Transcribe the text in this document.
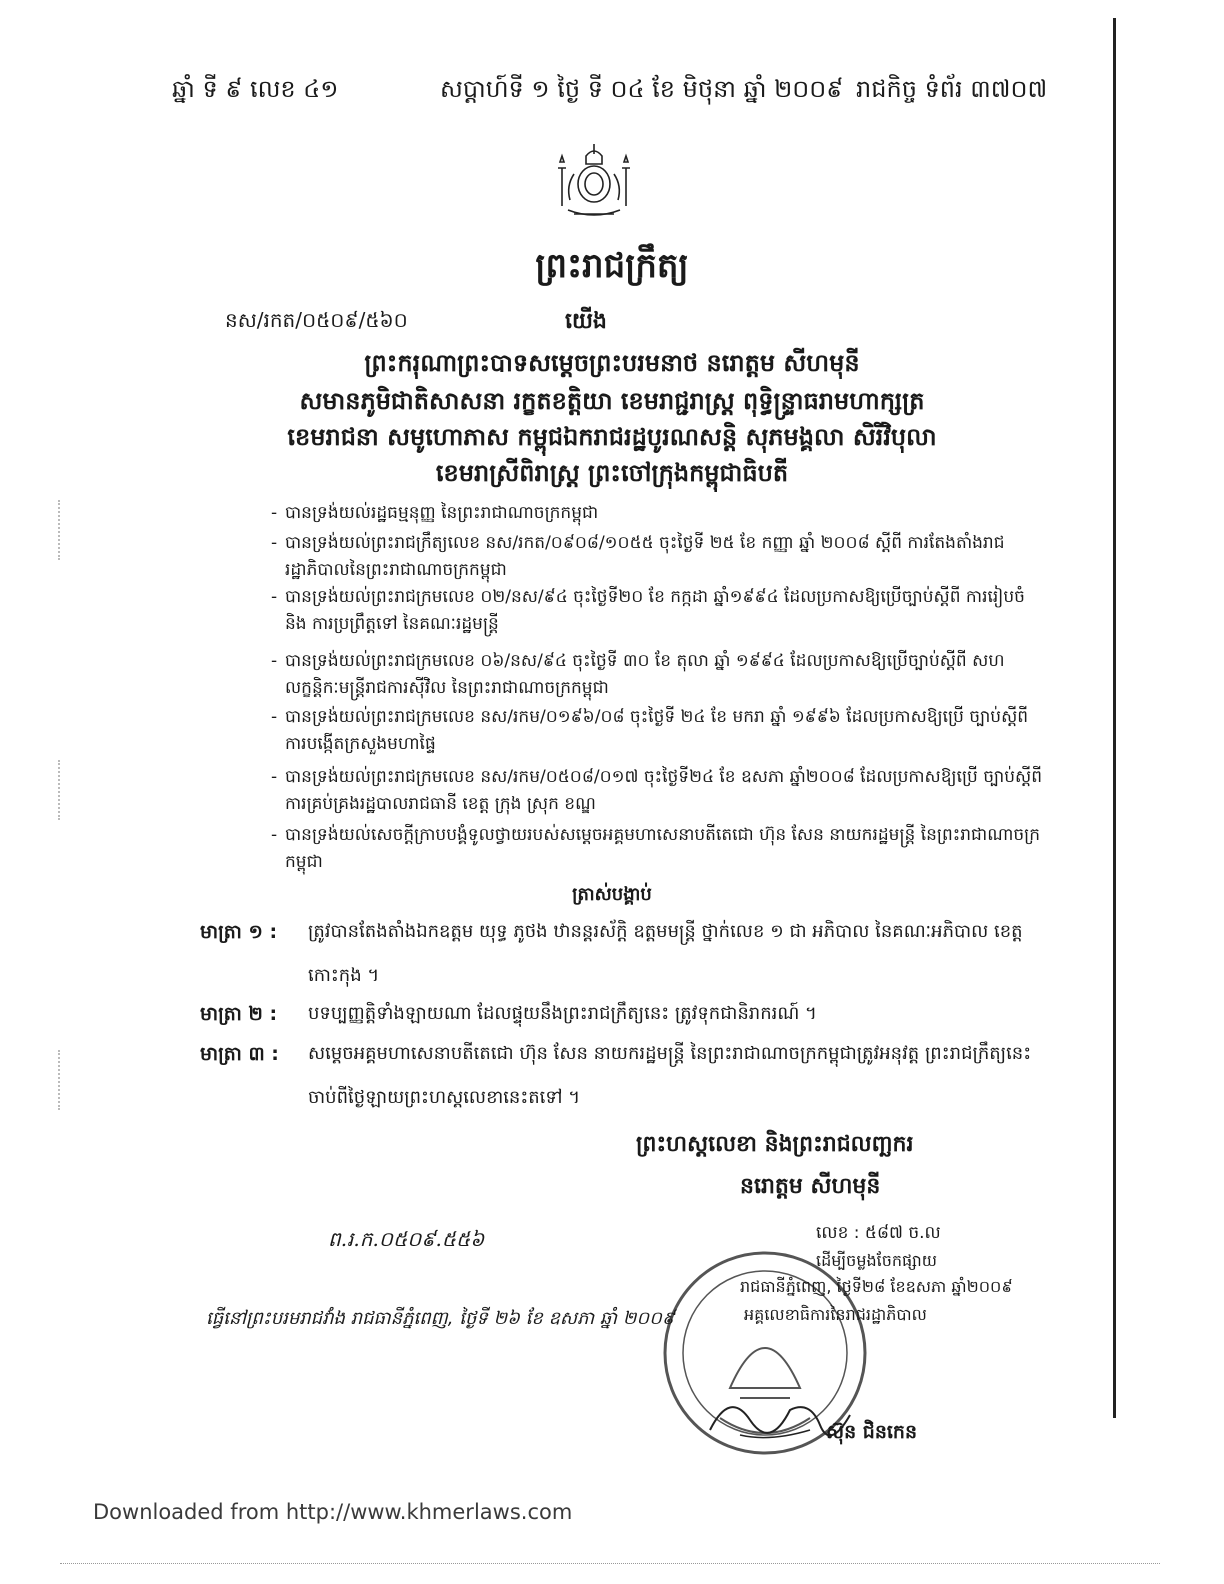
ឆ្នាំ ទី ៩ លេខ ៤១	សប្តាហ៍ទី ១ ថ្ងៃ ទី ០៤ ខែ មិថុនា ឆ្នាំ ២០០៩ រាជកិច្ច ទំព័រ ៣៧០៧
ព្រះរាជក្រឹត្យ
នស/រកត/០៥០៩/៥៦០	យើង
ព្រះករុណាព្រះបាទសម្តេចព្រះបរមនាថ នរោត្តម សីហមុនី
សមានភូមិជាតិសាសនា រក្ខតខត្តិយា ខេមរាជ្ជរាស្ត្រ ពុទ្ធិន្ទ្រាធរាមហាក្សត្រ
ខេមរាជនា សមូហោភាស កម្ពុជឯករាជរដ្ឋបូរណសន្តិ សុភមង្គលា សិរីវិបុលា
ខេមរាស្រីពិរាស្ត្រ ព្រះចៅក្រុងកម្ពុជាធិបតី
- បានទ្រង់យល់រដ្ឋធម្មនុញ្ញ នៃព្រះរាជាណាចក្រកម្ពុជា
- បានទ្រង់យល់ព្រះរាជក្រឹត្យលេខ នស/រកត/០៩០៨/១០៥៥ ចុះថ្ងៃទី ២៥ ខែ កញ្ញា ឆ្នាំ ២០០៨ ស្តីពី ការតែងតាំងរាជរដ្ឋាភិបាលនៃព្រះរាជាណាចក្រកម្ពុជា
- បានទ្រង់យល់ព្រះរាជក្រមលេខ ០២/នស/៩៤ ចុះថ្ងៃទី២០ ខែ កក្កដា ឆ្នាំ១៩៩៤ ដែលប្រកាសឱ្យប្រើច្បាប់ស្តីពី ការរៀបចំ និង ការប្រព្រឹត្តទៅ នៃគណៈរដ្ឋមន្ត្រី
- បានទ្រង់យល់ព្រះរាជក្រមលេខ ០៦/នស/៩៤ ចុះថ្ងៃទី ៣០ ខែ តុលា ឆ្នាំ ១៩៩៤ ដែលប្រកាសឱ្យប្រើច្បាប់ស្តីពី សហលក្ខន្តិកៈមន្ត្រីរាជការស៊ីវិល នៃព្រះរាជាណាចក្រកម្ពុជា
- បានទ្រង់យល់ព្រះរាជក្រមលេខ នស/រកម/០១៩៦/០៨ ចុះថ្ងៃទី ២៤ ខែ មករា ឆ្នាំ ១៩៩៦ ដែលប្រកាសឱ្យប្រើ ច្បាប់ស្តីពីការបង្កើតក្រសួងមហាផ្ទៃ
- បានទ្រង់យល់ព្រះរាជក្រមលេខ នស/រកម/០៥០៨/០១៧ ចុះថ្ងៃទី២៤ ខែ ឧសភា ឆ្នាំ២០០៨ ដែលប្រកាសឱ្យប្រើ ច្បាប់ស្តីពីការគ្រប់គ្រងរដ្ឋបាលរាជធានី ខេត្ត ក្រុង ស្រុក ខណ្ឌ
- បានទ្រង់យល់សេចក្តីក្រាបបង្គំទូលថ្វាយរបស់សម្តេចអគ្គមហាសេនាបតីតេជោ ហ៊ុន សែន នាយករដ្ឋមន្ត្រី នៃព្រះរាជាណាចក្រកម្ពុជា
ត្រាស់បង្គាប់
មាត្រា ១ : ត្រូវបានតែងតាំងឯកឧត្តម យុទ្ធ ភូថង ឋានន្តរស័ក្តិ ឧត្តមមន្ត្រី ថ្នាក់លេខ ១ ជា អភិបាល នៃគណៈអភិបាល ខេត្តកោះកុង ។
មាត្រា ២ : បទប្បញ្ញត្តិទាំងឡាយណា ដែលផ្ទុយនឹងព្រះរាជក្រឹត្យនេះ ត្រូវទុកជានិរាករណ៍ ។
មាត្រា ៣ : សម្តេចអគ្គមហាសេនាបតីតេជោ ហ៊ុន សែន នាយករដ្ឋមន្ត្រី នៃព្រះរាជាណាចក្រកម្ពុជាត្រូវអនុវត្ត ព្រះរាជក្រឹត្យនេះ ចាប់ពីថ្ងៃឡាយព្រះហស្តលេខានេះតទៅ ។
ព្រះហស្តលេខា និងព្រះរាជលញ្ឆករ
នរោត្តម សីហមុនី
ព.រ.ក.០៥០៩.៥៥៦	លេខ : ៥៨៧ ច.ល
ដើម្បីចម្លងចែកផ្សាយ
រាជធានីភ្នំពេញ, ថ្ងៃទី២៨ ខែឧសភា ឆ្នាំ២០០៩
អគ្គលេខាធិការនៃរាជរដ្ឋាភិបាល
ធ្វើនៅព្រះបរមរាជវាំង រាជធានីភ្នំពេញ, ថ្ងៃទី ២៦ ខែ ឧសភា ឆ្នាំ ២០០៩
ស៊ុន ជិនកេន
Downloaded from http://www.khmerlaws.com
